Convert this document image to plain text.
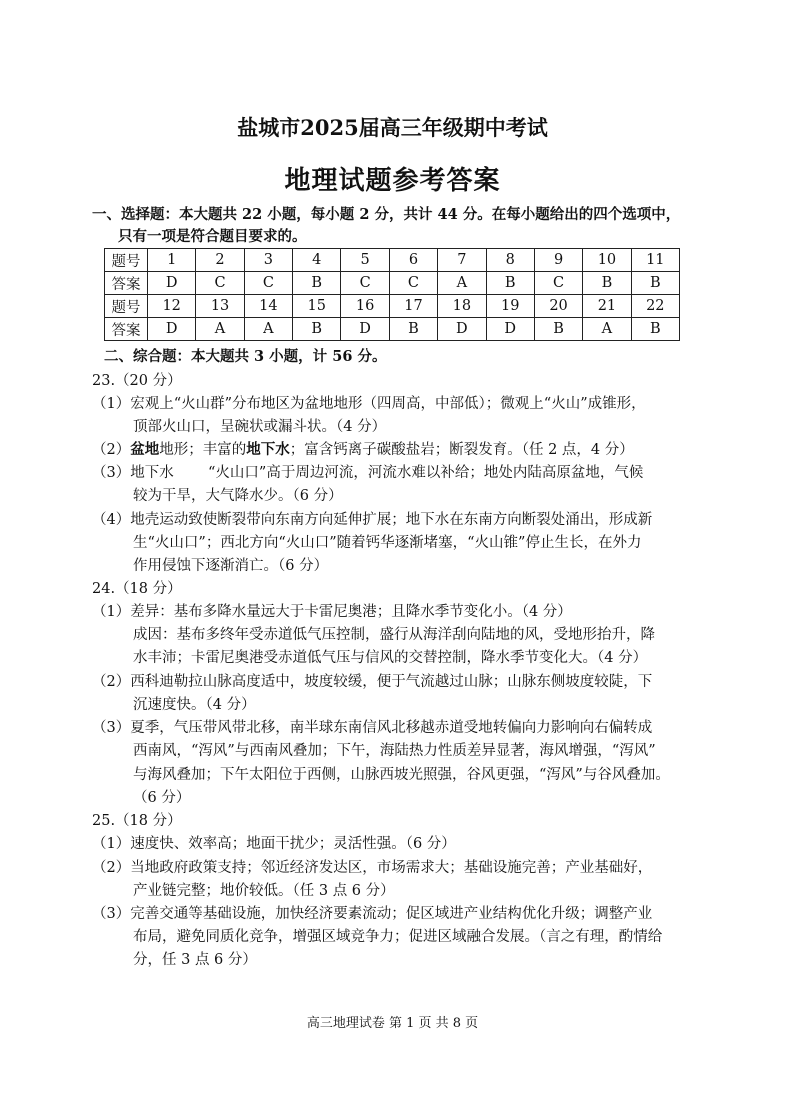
盐城市2025届高三年级期中考试
地理试题参考答案
一、选择题：本大题共 22 小题，每小题 2 分，共计 44 分。在每小题给出的四个选项中，
只有一项是符合题目要求的。
题号	1	2	3	4	5	6	7	8	9	10	11
答案	D	C	C	B	C	C	A	B	C	B	B
题号	12	13	14	15	16	17	18	19	20	21	22
答案	D	A	A	B	D	B	D	D	B	A	B
二、综合题：本大题共 3 小题，计 56 分。
23.（20 分）
（1）宏观上“火山群”分布地区为盆地地形（四周高，中部低）；微观上“火山”成锥形，
顶部火山口，呈碗状或漏斗状。（4 分）
（2）盆地地形；丰富的地下水；富含钙离子碳酸盐岩；断裂发育。（任 2 点，4 分）
（3）地下水 “火山口”高于周边河流，河流水难以补给；地处内陆高原盆地，气候
较为干旱，大气降水少。（6 分）
（4）地壳运动致使断裂带向东南方向延伸扩展；地下水在东南方向断裂处涌出，形成新
生“火山口”；西北方向“火山口”随着钙华逐渐堵塞，“火山锥”停止生长，在外力
作用侵蚀下逐渐消亡。（6 分）
24.（18 分）
（1）差异：基布多降水量远大于卡雷尼奥港；且降水季节变化小。（4 分）
成因：基布多终年受赤道低气压控制，盛行从海洋刮向陆地的风，受地形抬升，降
水丰沛；卡雷尼奥港受赤道低气压与信风的交替控制，降水季节变化大。（4 分）
（2）西科迪勒拉山脉高度适中，坡度较缓，便于气流越过山脉；山脉东侧坡度较陡，下
沉速度快。（4 分）
（3）夏季，气压带风带北移，南半球东南信风北移越赤道受地转偏向力影响向右偏转成
西南风，“泻风”与西南风叠加；下午，海陆热力性质差异显著，海风增强，“泻风”
与海风叠加；下午太阳位于西侧，山脉西坡光照强，谷风更强，“泻风”与谷风叠加。
（6 分）
25.（18 分）
（1）速度快、效率高；地面干扰少；灵活性强。（6 分）
（2）当地政府政策支持；邻近经济发达区，市场需求大；基础设施完善；产业基础好，
产业链完整；地价较低。（任 3 点 6 分）
（3）完善交通等基础设施，加快经济要素流动；促区域进产业结构优化升级；调整产业
布局，避免同质化竞争，增强区域竞争力；促进区域融合发展。（言之有理，酌情给
分，任 3 点 6 分）
高三地理试卷 第 1 页 共 8 页
